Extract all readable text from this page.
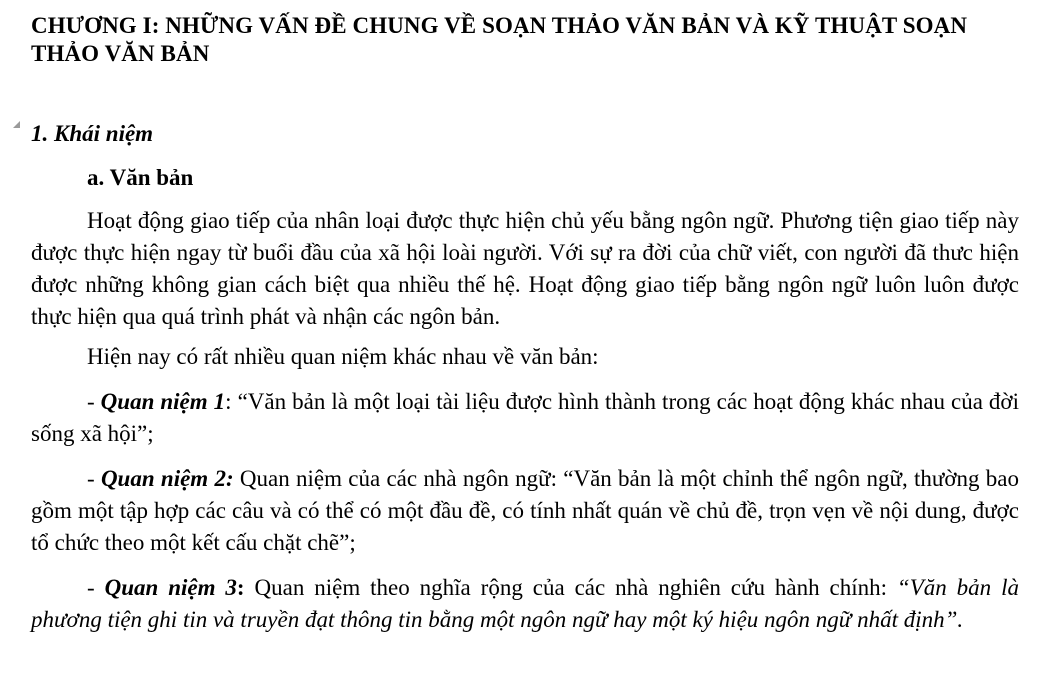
CHƯƠNG I: NHỮNG VẤN ĐỀ CHUNG VỀ SOẠN THẢO VĂN BẢN VÀ KỸ THUẬT SOẠN THẢO VĂN BẢN
1. Khái niệm
a. Văn bản

Hoạt động giao tiếp của nhân loại được thực hiện chủ yếu bằng ngôn ngữ. Phương tiện giao tiếp này được thực hiện ngay từ buổi đầu của xã hội loài người. Với sự ra đời của chữ viết, con người đã thưc hiện được những không gian cách biệt qua nhiều thế hệ. Hoạt động giao tiếp bằng ngôn ngữ luôn luôn được thực hiện qua quá trình phát và nhận các ngôn bản.

Hiện nay có rất nhiều quan niệm khác nhau về văn bản:

- Quan niệm 1: “Văn bản là một loại tài liệu được hình thành trong các hoạt động khác nhau của đời sống xã hội”;

- Quan niệm 2: Quan niệm của các nhà ngôn ngữ: “Văn bản là một chỉnh thể ngôn ngữ, thường bao gồm một tập hợp các câu và có thể có một đầu đề, có tính nhất quán về chủ đề, trọn vẹn về nội dung, được tổ chức theo một kết cấu chặt chẽ”;

- Quan niệm 3: Quan niệm theo nghĩa rộng của các nhà nghiên cứu hành chính: “Văn bản là phương tiện ghi tin và truyền đạt thông tin bằng một ngôn ngữ hay một ký hiệu ngôn ngữ nhất định”.
